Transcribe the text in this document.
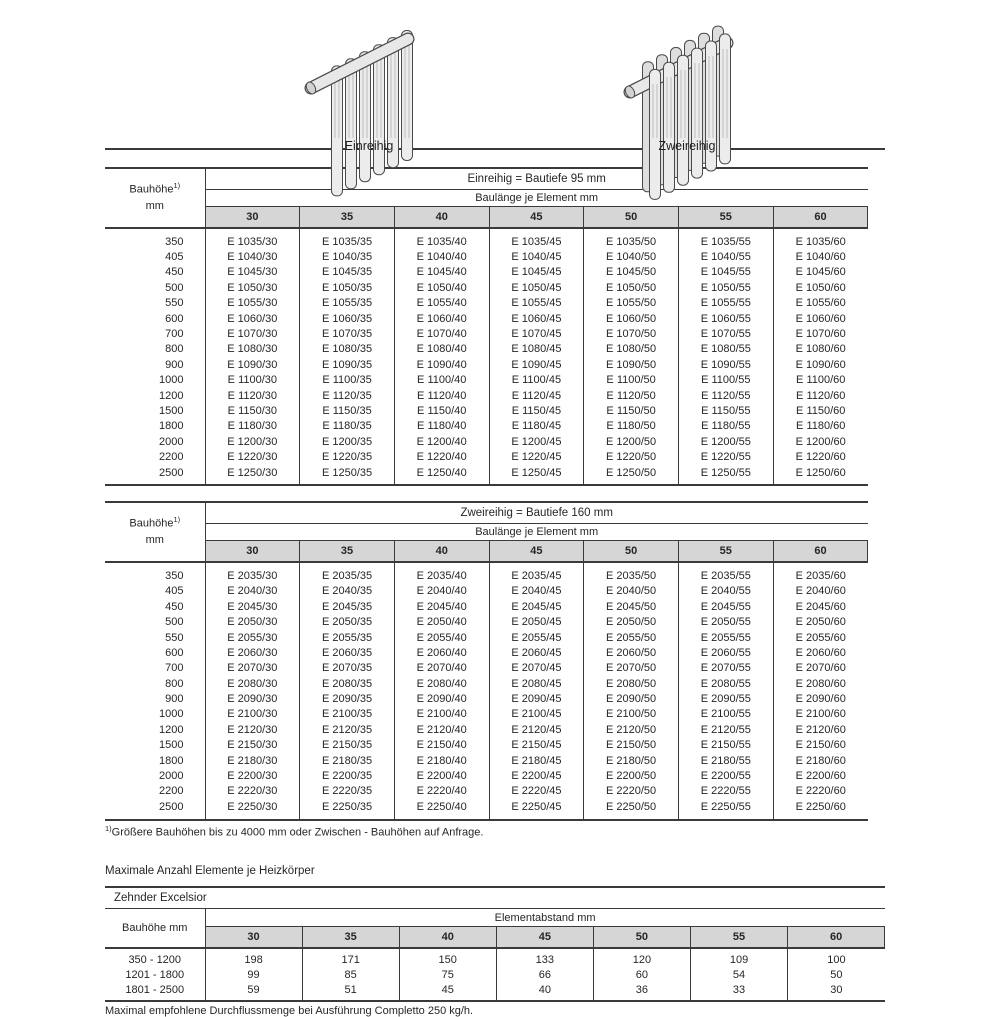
Einreihig	Zweireihig
Bauhöhe$^{1)}$
mm	Einreihig = Bautiefe 95 mm						
	Baulänge je Element mm						
	30	35	40	45	50	55	60
350	E 1035/30	E 1035/35	E 1035/40	E 1035/45	E 1035/50	E 1035/55	E 1035/60
405	E 1040/30	E 1040/35	E 1040/40	E 1040/45	E 1040/50	E 1040/55	E 1040/60
450	E 1045/30	E 1045/35	E 1045/40	E 1045/45	E 1045/50	E 1045/55	E 1045/60
500	E 1050/30	E 1050/35	E 1050/40	E 1050/45	E 1050/50	E 1050/55	E 1050/60
550	E 1055/30	E 1055/35	E 1055/40	E 1055/45	E 1055/50	E 1055/55	E 1055/60
600	E 1060/30	E 1060/35	E 1060/40	E 1060/45	E 1060/50	E 1060/55	E 1060/60
700	E 1070/30	E 1070/35	E 1070/40	E 1070/45	E 1070/50	E 1070/55	E 1070/60
800	E 1080/30	E 1080/35	E 1080/40	E 1080/45	E 1080/50	E 1080/55	E 1080/60
900	E 1090/30	E 1090/35	E 1090/40	E 1090/45	E 1090/50	E 1090/55	E 1090/60
1000	E 1100/30	E 1100/35	E 1100/40	E 1100/45	E 1100/50	E 1100/55	E 1100/60
1200	E 1120/30	E 1120/35	E 1120/40	E 1120/45	E 1120/50	E 1120/55	E 1120/60
1500	E 1150/30	E 1150/35	E 1150/40	E 1150/45	E 1150/50	E 1150/55	E 1150/60
1800	E 1180/30	E 1180/35	E 1180/40	E 1180/45	E 1180/50	E 1180/55	E 1180/60
2000	E 1200/30	E 1200/35	E 1200/40	E 1200/45	E 1200/50	E 1200/55	E 1200/60
2200	E 1220/30	E 1220/35	E 1220/40	E 1220/45	E 1220/50	E 1220/55	E 1220/60
2500	E 1250/30	E 1250/35	E 1250/40	E 1250/45	E 1250/50	E 1250/55	E 1250/60
Bauhöhe$^{1)}$
mm	Zweireihig = Bautiefe 160 mm						
	Baulänge je Element mm						
	30	35	40	45	50	55	60
350	E 2035/30	E 2035/35	E 2035/40	E 2035/45	E 2035/50	E 2035/55	E 2035/60
405	E 2040/30	E 2040/35	E 2040/40	E 2040/45	E 2040/50	E 2040/55	E 2040/60
450	E 2045/30	E 2045/35	E 2045/40	E 2045/45	E 2045/50	E 2045/55	E 2045/60
500	E 2050/30	E 2050/35	E 2050/40	E 2050/45	E 2050/50	E 2050/55	E 2050/60
550	E 2055/30	E 2055/35	E 2055/40	E 2055/45	E 2055/50	E 2055/55	E 2055/60
600	E 2060/30	E 2060/35	E 2060/40	E 2060/45	E 2060/50	E 2060/55	E 2060/60
700	E 2070/30	E 2070/35	E 2070/40	E 2070/45	E 2070/50	E 2070/55	E 2070/60
800	E 2080/30	E 2080/35	E 2080/40	E 2080/45	E 2080/50	E 2080/55	E 2080/60
900	E 2090/30	E 2090/35	E 2090/40	E 2090/45	E 2090/50	E 2090/55	E 2090/60
1000	E 2100/30	E 2100/35	E 2100/40	E 2100/45	E 2100/50	E 2100/55	E 2100/60
1200	E 2120/30	E 2120/35	E 2120/40	E 2120/45	E 2120/50	E 2120/55	E 2120/60
1500	E 2150/30	E 2150/35	E 2150/40	E 2150/45	E 2150/50	E 2150/55	E 2150/60
1800	E 2180/30	E 2180/35	E 2180/40	E 2180/45	E 2180/50	E 2180/55	E 2180/60
2000	E 2200/30	E 2200/35	E 2200/40	E 2200/45	E 2200/50	E 2200/55	E 2200/60
2200	E 2220/30	E 2220/35	E 2220/40	E 2220/45	E 2220/50	E 2220/55	E 2220/60
2500	E 2250/30	E 2250/35	E 2250/40	E 2250/45	E 2250/50	E 2250/55	E 2250/60
$^{1)}$Größere Bauhöhen bis zu 4000 mm oder Zwischen - Bauhöhen auf Anfrage.
Maximale Anzahl Elemente je Heizkörper
Zehnder Excelsior							
Bauhöhe mm	Elementabstand mm						
	30	35	40	45	50	55	60
350 - 1200	198	171	150	133	120	109	100
1201 - 1800	99	85	75	66	60	54	50
1801 - 2500	59	51	45	40	36	33	30
Maximal empfohlene Durchflussmenge bei Ausführung Completto 250 kg/h.
